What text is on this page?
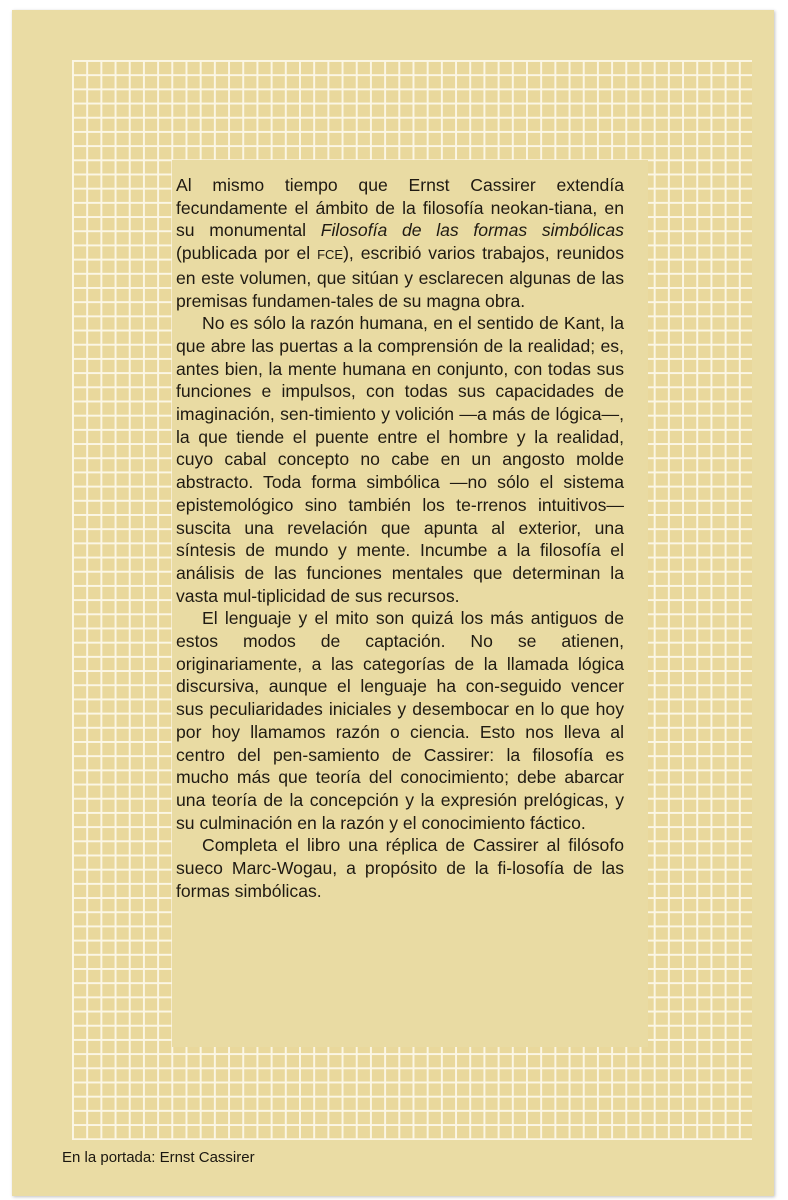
Al mismo tiempo que Ernst Cassirer extendía fecundamente el ámbito de la filosofía neokan-tiana, en su monumental Filosofía de las formas simbólicas (publicada por el FCE), escribió varios trabajos, reunidos en este volumen, que sitúan y esclarecen algunas de las premisas fundamen-tales de su magna obra.

No es sólo la razón humana, en el sentido de Kant, la que abre las puertas a la comprensión de la realidad; es, antes bien, la mente humana en conjunto, con todas sus funciones e impulsos, con todas sus capacidades de imaginación, sen-timiento y volición —a más de lógica—, la que tiende el puente entre el hombre y la realidad, cuyo cabal concepto no cabe en un angosto molde abstracto. Toda forma simbólica —no sólo el sistema epistemológico sino también los te-rrenos intuitivos— suscita una revelación que apunta al exterior, una síntesis de mundo y mente. Incumbe a la filosofía el análisis de las funciones mentales que determinan la vasta mul-tiplicidad de sus recursos.

El lenguaje y el mito son quizá los más antiguos de estos modos de captación. No se atienen, originariamente, a las categorías de la llamada lógica discursiva, aunque el lenguaje ha con-seguido vencer sus peculiaridades iniciales y desembocar en lo que hoy por hoy llamamos razón o ciencia. Esto nos lleva al centro del pen-samiento de Cassirer: la filosofía es mucho más que teoría del conocimiento; debe abarcar una teoría de la concepción y la expresión prelógicas, y su culminación en la razón y el conocimiento fáctico.

Completa el libro una réplica de Cassirer al filósofo sueco Marc-Wogau, a propósito de la fi-losofía de las formas simbólicas.

En la portada: Ernst Cassirer
